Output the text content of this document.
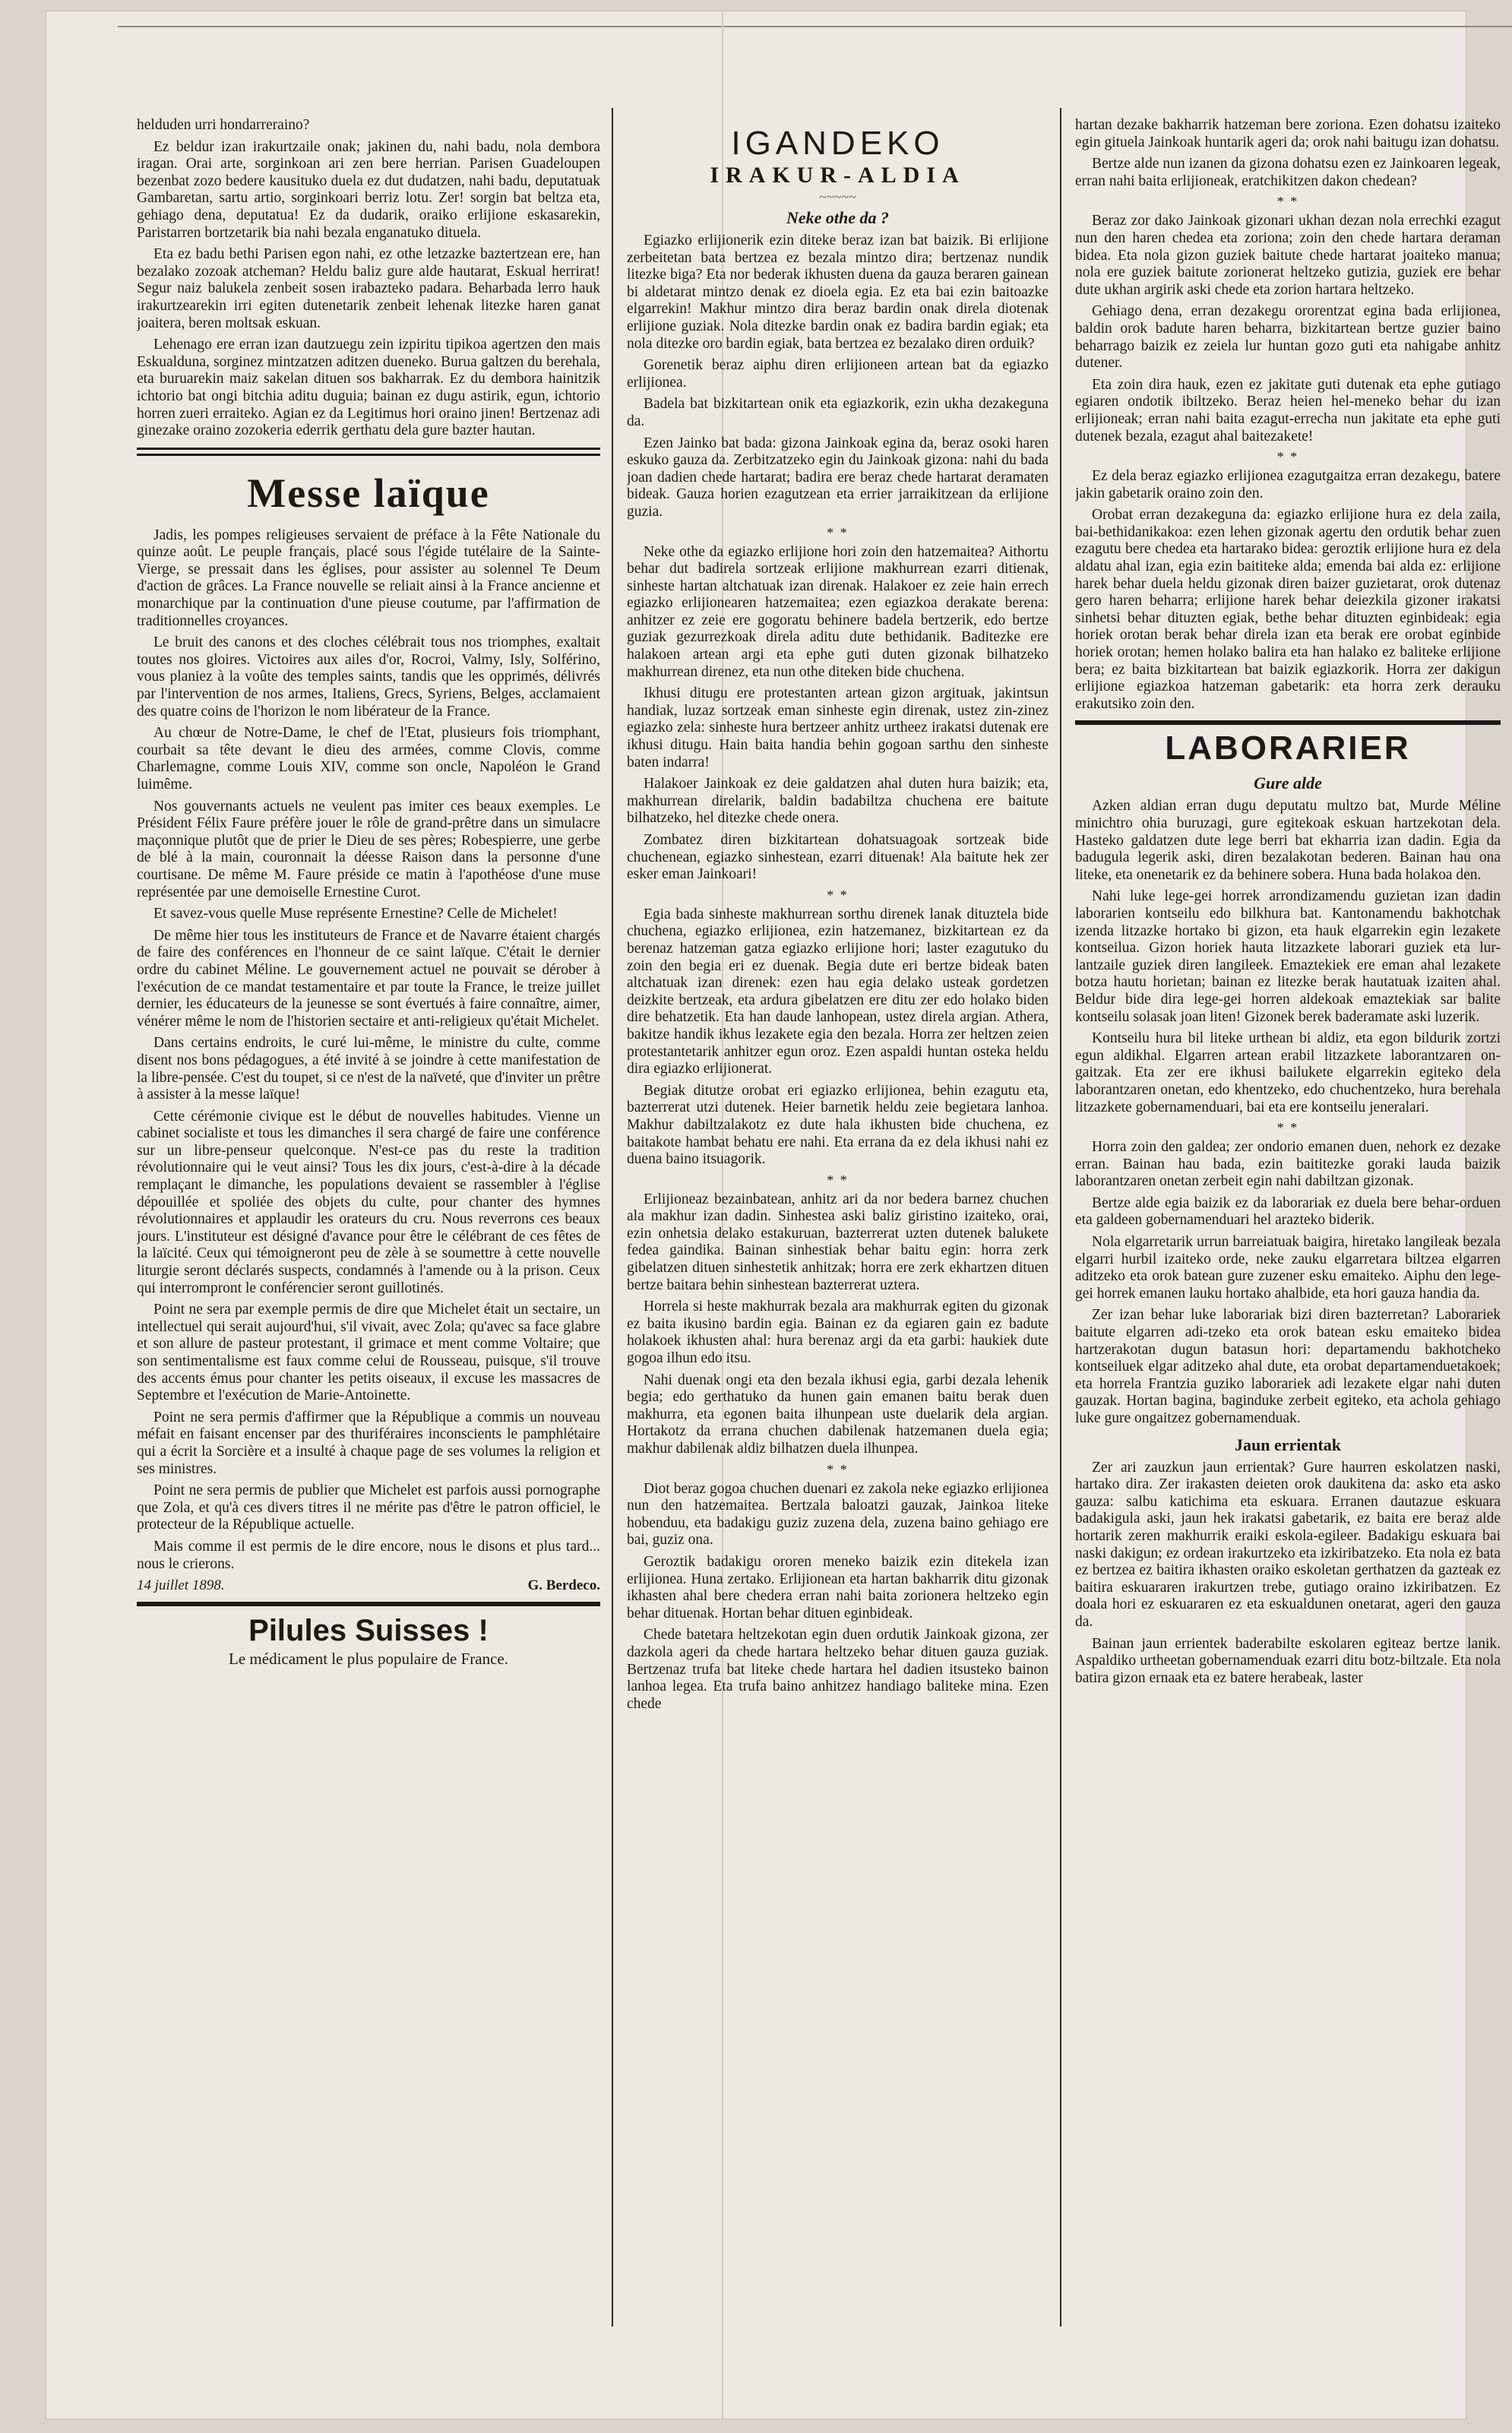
helduden urri hondarreraino?

Ez beldur izan irakurtzaile onak; jakinen du, nahi badu, nola dembora iragan. Orai arte, sorginkoan ari zen bere herrian. Parisen Guadeloupen bezenbat zozo bedere kausituko duela ez dut dudatzen, nahi badu, deputatuak Gambaretan, sartu artio, sorginkoari berriz lotu. Zer! sorgin bat beltza eta, gehiago dena, deputatua! Ez da dudarik, oraiko erlijione eskasarekin, Paristarren bortzetarik bia nahi bezala enganatuko dituela.

Eta ez badu bethi Parisen egon nahi, ez othe letzazke baztertzean ere, han bezalako zozoak atcheman? Heldu baliz gure alde hautarat, Eskual herrirat! Segur naiz balukela zenbeit sosen irabazteko padara. Beharbada lerro hauk irakurtzearekin irri egiten dutenetarik zenbeit lehenak litezke haren ganat joaitera, beren moltsak eskuan.

Lehenago ere erran izan dautzuegu zein izpiritu tipikoa agertzen den mais Eskualduna, sorginez mintzatzen aditzen dueneko. Burua galtzen du berehala, eta buruarekin maiz sakelan dituen sos bakharrak. Ez du dembora hainitzik ichtorio bat ongi bitchia aditu duguia; bainan ez dugu astirik, egun, ichtorio horren zueri erraiteko. Agian ez da Legitimus hori oraino jinen! Bertzenaz adi ginezake oraino zozokeria ederrik gerthatu dela gure bazter hautan.

Messe laïque

Jadis, les pompes religieuses servaient de préface à la Fête Nationale du quinze août. Le peuple français, placé sous l'égide tutélaire de la Sainte-Vierge, se pressait dans les églises, pour assister au solennel Te Deum d'action de grâces. La France nouvelle se reliait ainsi à la France ancienne et monarchique par la continuation d'une pieuse coutume, par l'affirmation de traditionnelles croyances.

Le bruit des canons et des cloches célébrait tous nos triomphes, exaltait toutes nos gloires. Victoires aux ailes d'or, Rocroi, Valmy, Isly, Solférino, vous planiez à la voûte des temples saints, tandis que les opprimés, délivrés par l'intervention de nos armes, Italiens, Grecs, Syriens, Belges, acclamaient des quatre coins de l'horizon le nom libérateur de la France.

Au chœur de Notre-Dame, le chef de l'Etat, plusieurs fois triomphant, courbait sa tête devant le dieu des armées, comme Clovis, comme Charlemagne, comme Louis XIV, comme son oncle, Napoléon le Grand luimême.

Nos gouvernants actuels ne veulent pas imiter ces beaux exemples. Le Président Félix Faure préfère jouer le rôle de grand-prêtre dans un simulacre maçonnique plutôt que de prier le Dieu de ses pères; Robespierre, une gerbe de blé à la main, couronnait la déesse Raison dans la personne d'une courtisane. De même M. Faure préside ce matin à l'apothéose d'une muse représentée par une demoiselle Ernestine Curot.

Et savez-vous quelle Muse représente Ernestine? Celle de Michelet!

De même hier tous les instituteurs de France et de Navarre étaient chargés de faire des conférences en l'honneur de ce saint laïque. C'était le dernier ordre du cabinet Méline. Le gouvernement actuel ne pouvait se dérober à l'exécution de ce mandat testamentaire et par toute la France, le treize juillet dernier, les éducateurs de la jeunesse se sont évertués à faire connaître, aimer, vénérer même le nom de l'historien sectaire et anti-religieux qu'était Michelet.

Dans certains endroits, le curé lui-même, le ministre du culte, comme disent nos bons pédagogues, a été invité à se joindre à cette manifestation de la libre-pensée. C'est du toupet, si ce n'est de la naïveté, que d'inviter un prêtre à assister à la messe laïque!

Cette cérémonie civique est le début de nouvelles habitudes. Vienne un cabinet socialiste et tous les dimanches il sera chargé de faire une conférence sur un libre-penseur quelconque. N'est-ce pas du reste la tradition révolutionnaire qui le veut ainsi? Tous les dix jours, c'est-à-dire à la décade remplaçant le dimanche, les populations devaient se rassembler à l'église dépouillée et spoliée des objets du culte, pour chanter des hymnes révolutionnaires et applaudir les orateurs du cru. Nous reverrons ces beaux jours. L'instituteur est désigné d'avance pour être le célébrant de ces fêtes de la laïcité. Ceux qui témoigneront peu de zèle à se soumettre à cette nouvelle liturgie seront déclarés suspects, condamnés à l'amende ou à la prison. Ceux qui interrompront le conférencier seront guillotinés.

Point ne sera par exemple permis de dire que Michelet était un sectaire, un intellectuel qui serait aujourd'hui, s'il vivait, avec Zola; qu'avec sa face glabre et son allure de pasteur protestant, il grimace et ment comme Voltaire; que son sentimentalisme est faux comme celui de Rousseau, puisque, s'il trouve des accents émus pour chanter les petits oiseaux, il excuse les massacres de Septembre et l'exécution de Marie-Antoinette.

Point ne sera permis d'affirmer que la République a commis un nouveau méfait en faisant encenser par des thuriféraires inconscients le pamphlétaire qui a écrit la Sorcière et a insulté à chaque page de ses volumes la religion et ses ministres.

Point ne sera permis de publier que Michelet est parfois aussi pornographe que Zola, et qu'à ces divers titres il ne mérite pas d'être le patron officiel, le protecteur de la République actuelle.

Mais comme il est permis de le dire encore, nous le disons et plus tard... nous le crierons.

14 juillet 1898.	G. Berdeco.
Pilules Suisses !
Le médicament le plus populaire de France.
IGANDEKO
IRAKUR-ALDIA
~~~~~
Neke othe da ?

Egiazko erlijionerik ezin diteke beraz izan bat baizik. Bi erlijione zerbeitetan bata bertzea ez bezala mintzo dira; bertzenaz nundik litezke biga? Eta nor bederak ikhusten duena da gauza beraren gainean bi aldetarat mintzo denak ez dioela egia. Ez eta bai ezin baitoazke elgarrekin! Makhur mintzo dira beraz bardin onak direla diotenak erlijione guziak. Nola ditezke bardin onak ez badira bardin egiak; eta nola ditezke oro bardin egiak, bata bertzea ez bezalako diren orduik?

Gorenetik beraz aiphu diren erlijioneen artean bat da egiazko erlijionea.

Badela bat bizkitartean onik eta egiazkorik, ezin ukha dezakeguna da.

Ezen Jainko bat bada: gizona Jainkoak egina da, beraz osoki haren eskuko gauza da. Zerbitzatzeko egin du Jainkoak gizona: nahi du bada joan dadien chede hartarat; badira ere beraz chede hartarat deramaten bideak. Gauza horien ezagutzean eta errier jarraikitzean da erlijione guzia.

* *

Neke othe da egiazko erlijione hori zoin den hatzemaitea? Aithortu behar dut badirela sortzeak erlijione makhurrean ezarri ditienak, sinheste hartan altchatuak izan direnak. Halakoer ez zeie hain errech egiazko erlijionearen hatzemaitea; ezen egiazkoa derakate berena: anhitzer ez zeie ere gogoratu behinere badela bertzerik, edo bertze guziak gezurrezkoak direla aditu dute bethidanik. Baditezke ere halakoen artean argi eta ephe guti duten gizonak bilhatzeko makhurrean direnez, eta nun othe diteken bide chuchena.

Ikhusi ditugu ere protestanten artean gizon argituak, jakintsun handiak, luzaz sortzeak eman sinheste egin direnak, ustez zin-zinez egiazko zela: sinheste hura bertzeer anhitz urtheez irakatsi dutenak ere ikhusi ditugu. Hain baita handia behin gogoan sarthu den sinheste baten indarra!

Halakoer Jainkoak ez deie galdatzen ahal duten hura baizik; eta, makhurrean direlarik, baldin badabiltza chuchena ere baitute bilhatzeko, hel ditezke chede onera.

Zombatez diren bizkitartean dohatsuagoak sortzeak bide chuchenean, egiazko sinhestean, ezarri dituenak! Ala baitute hek zer esker eman Jainkoari!

* *

Egia bada sinheste makhurrean sorthu direnek lanak dituztela bide chuchena, egiazko erlijionea, ezin hatzemanez, bizkitartean ez da berenaz hatzeman gatza egiazko erlijione hori; laster ezagutuko du zoin den begia eri ez duenak. Begia dute eri bertze bideak baten altchatuak izan direnek: ezen hau egia delako usteak gordetzen deizkite bertzeak, eta ardura gibelatzen ere ditu zer edo holako biden dire behatzetik. Eta han daude lanhopean, ustez direla argian. Athera, bakitze handik ikhus lezakete egia den bezala. Horra zer heltzen zeien protestantetarik anhitzer egun oroz. Ezen aspaldi huntan osteka heldu dira egiazko erlijionerat.

Begiak ditutze orobat eri egiazko erlijionea, behin ezagutu eta, bazterrerat utzi dutenek. Heier barnetik heldu zeie begietara lanhoa. Makhur dabiltzalakotz ez dute hala ikhusten bide chuchena, ez baitakote hambat behatu ere nahi. Eta errana da ez dela ikhusi nahi ez duena baino itsuagorik.

* *

Erlijioneaz bezainbatean, anhitz ari da nor bedera barnez chuchen ala makhur izan dadin. Sinhestea aski baliz giristino izaiteko, orai, ezin onhetsia delako estakuruan, bazterrerat uzten dutenek balukete fedea gaindika. Bainan sinhestiak behar baitu egin: horra zerk gibelatzen dituen sinhestetik anhitzak; horra ere zerk ekhartzen dituen bertze baitara behin sinhestean bazterrerat uztera.

Horrela si heste makhurrak bezala ara makhurrak egiten du gizonak ez baita ikusino bardin egia. Bainan ez da egiaren gain ez badute holakoek ikhusten ahal: hura berenaz argi da eta garbi: haukiek dute gogoa ilhun edo itsu.

Nahi duenak ongi eta den bezala ikhusi egia, garbi dezala lehenik begia; edo gerthatuko da hunen gain emanen baitu berak duen makhurra, eta egonen baita ilhunpean uste duelarik dela argian. Hortakotz da errana chuchen dabilenak hatzemanen duela egia; makhur dabilenak aldiz bilhatzen duela ilhunpea.

* *

Diot beraz gogoa chuchen duenari ez zakola neke egiazko erlijionea nun den hatzemaitea. Bertzala baloatzi gauzak, Jainkoa liteke hobenduu, eta badakigu guziz zuzena dela, zuzena baino gehiago ere bai, guziz ona.

Geroztik badakigu ororen meneko baizik ezin ditekela izan erlijionea. Huna zertako. Erlijionean eta hartan bakharrik ditu gizonak ikhasten ahal bere chedera erran nahi baita zorionera heltzeko egin behar dituenak. Hortan behar dituen eginbideak.

Chede batetara heltzekotan egin duen ordutik Jainkoak gizona, zer dazkola ageri da chede hartara heltzeko behar dituen gauza guziak. Bertzenaz trufa bat liteke chede hartara hel dadien itsusteko bainon lanhoa legea. Eta trufa baino anhitzez handiago baliteke mina. Ezen chede

hartan dezake bakharrik hatzeman bere zoriona. Ezen dohatsu izaiteko egin gituela Jainkoak huntarik ageri da; orok nahi baitugu izan dohatsu.

Bertze alde nun izanen da gizona dohatsu ezen ez Jainkoaren legeak, erran nahi baita erlijioneak, eratchikitzen dakon chedean?

* *

Beraz zor dako Jainkoak gizonari ukhan dezan nola errechki ezagut nun den haren chedea eta zoriona; zoin den chede hartara deraman bidea. Eta nola gizon guziek baitute chede hartarat joaiteko manua; nola ere guziek baitute zorionerat heltzeko gutizia, guziek ere behar dute ukhan argirik aski chede eta zorion hartara heltzeko.

Gehiago dena, erran dezakegu ororentzat egina bada erlijionea, baldin orok badute haren beharra, bizkitartean bertze guzier baino beharrago baizik ez zeiela lur huntan gozo guti eta nahigabe anhitz dutener.

Eta zoin dira hauk, ezen ez jakitate guti dutenak eta ephe gutiago egiaren ondotik ibiltzeko. Beraz heien hel-meneko behar du izan erlijioneak; erran nahi baita ezagut-errecha nun jakitate eta ephe guti dutenek bezala, ezagut ahal baitezakete!

* *

Ez dela beraz egiazko erlijionea ezagutgaitza erran dezakegu, batere jakin gabetarik oraino zoin den.

Orobat erran dezakeguna da: egiazko erlijione hura ez dela zaila, bai-bethidanikakoa: ezen lehen gizonak agertu den ordutik behar zuen ezagutu bere chedea eta hartarako bidea: geroztik erlijione hura ez dela aldatu ahal izan, egia ezin baititeke alda; emenda bai alda ez: erlijione harek behar duela heldu gizonak diren baizer guzietarat, orok dutenaz gero haren beharra; erlijione harek behar deiezkila gizoner irakatsi sinhetsi behar dituzten egiak, bethe behar dituzten eginbideak: egia horiek orotan berak behar direla izan eta berak ere orobat eginbide horiek orotan; hemen holako balira eta han halako ez baliteke erlijione bera; ez baita bizkitartean bat baizik egiazkorik. Horra zer dakigun erlijione egiazkoa hatzeman gabetarik: eta horra zerk derauku erakutsiko zoin den.

LABORARIER
Gure alde

Azken aldian erran dugu deputatu multzo bat, Murde Méline minichtro ohia buruzagi, gure egitekoak eskuan hartzekotan dela. Hasteko galdatzen dute lege berri bat ekharria izan dadin. Egia da badugula legerik aski, diren bezalakotan bederen. Bainan hau ona liteke, eta onenetarik ez da behinere sobera. Huna bada holakoa den.

Nahi luke lege-gei horrek arrondizamendu guzietan izan dadin laborarien kontseilu edo bilkhura bat. Kantonamendu bakhotchak izenda litzazke hortako bi gizon, eta hauk elgarrekin egin lezakete kontseilua. Gizon horiek hauta litzazkete laborari guziek eta lur-lantzaile guziek diren langileek. Emaztekiek ere eman ahal lezakete botza hautu horietan; bainan ez litezke berak hautatuak izaiten ahal. Beldur bide dira lege-gei horren aldekoak emaztekiak sar balite kontseilu solasak joan liten! Gizonek berek baderamate aski luzerik.

Kontseilu hura bil liteke urthean bi aldiz, eta egon bildurik zortzi egun aldikhal. Elgarren artean erabil litzazkete laborantzaren on-gaitzak. Eta zer ere ikhusi bailukete elgarrekin egiteko dela laborantzaren onetan, edo khentzeko, edo chuchentzeko, hura berehala litzazkete gobernamenduari, bai eta ere kontseilu jeneralari.

* *

Horra zoin den galdea; zer ondorio emanen duen, nehork ez dezake erran. Bainan hau bada, ezin baititezke goraki lauda baizik laborantzaren onetan zerbeit egin nahi dabiltzan gizonak.

Bertze alde egia baizik ez da laborariak ez duela bere behar-orduen eta galdeen gobernamenduari hel arazteko biderik.

Nola elgarretarik urrun barreiatuak baigira, hiretako langileak bezala elgarri hurbil izaiteko orde, neke zauku elgarretara biltzea elgarren aditzeko eta orok batean gure zuzener esku emaiteko. Aiphu den lege-gei horrek emanen lauku hortako ahalbide, eta hori gauza handia da.

Zer izan behar luke laborariak bizi diren bazterretan? Laborariek baitute elgarren adi-tzeko eta orok batean esku emaiteko bidea hartzerakotan dugun batasun hori: departamendu bakhotcheko kontseiluek elgar aditzeko ahal dute, eta orobat departamenduetakoek; eta horrela Frantzia guziko laborariek adi lezakete elgar nahi duten gauzak. Hortan bagina, baginduke zerbeit egiteko, eta achola gehiago luke gure ongaitzez gobernamenduak.

Jaun errientak

Zer ari zauzkun jaun errientak? Gure haurren eskolatzen naski, hartako dira. Zer irakasten deieten orok daukitena da: asko eta asko gauza: salbu katichima eta eskuara. Erranen dautazue eskuara badakigula aski, jaun hek irakatsi gabetarik, ez baita ere beraz alde hortarik zeren makhurrik eraiki eskola-egileer. Badakigu eskuara bai naski dakigun; ez ordean irakurtzeko eta izkiribatzeko. Eta nola ez bata ez bertzea ez baitira ikhasten oraiko eskoletan gerthatzen da gazteak ez baitira eskuararen irakurtzen trebe, gutiago oraino izkiribatzen. Ez doala hori ez eskuararen ez eta eskualdunen onetarat, ageri den gauza da.

Bainan jaun errientek baderabilte eskolaren egiteaz bertze lanik. Aspaldiko urtheetan gobernamenduak ezarri ditu botz-biltzale. Eta nola batira gizon ernaak eta ez batere herabeak, laster
